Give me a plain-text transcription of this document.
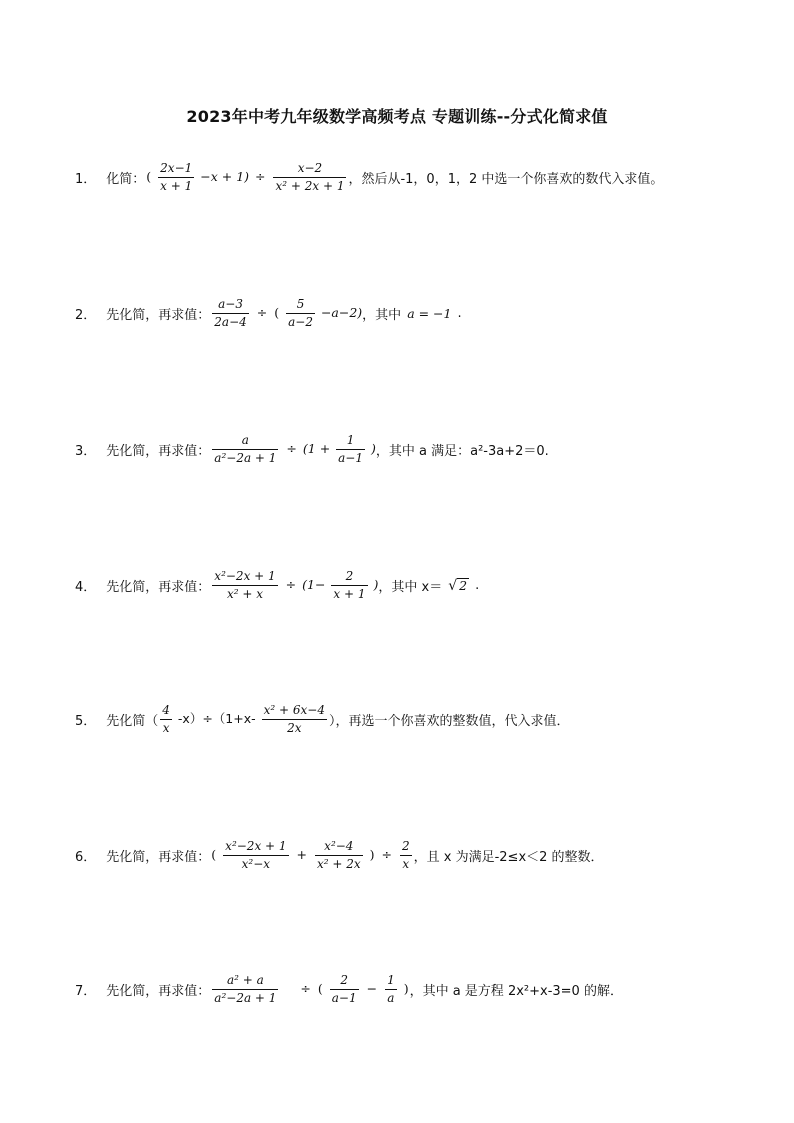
2023年中考九年级数学高频考点 专题训练--分式化简求值
1． 化简： ( $\frac{2x-1}{x + 1} -x + 1) \div \frac{x-2}{\text{x² + 2x + 1}}$ ，然后从-1，0，1，2 中选一个你喜欢的数代入求值。
2． 先化简，再求值： $\frac{a-3}{2a-4}$ ÷ ( $\frac{5}{a-2} -a-2$) ，其中 a = −1 .
3． 先化简，再求值： $\frac{a}{\text{a²−2a + 1}} \div (1 + \frac{1}{a-1}$ ) ，其中 a 满足：a²-3a+2＝0.
4． 先化简，再求值： $\frac{\text{x²−2x + 1}}{\text{x² + x}} \div (1- \frac{2}{x + 1}$ ) ，其中 x＝ √ 2 .
5． 先化简（ $\frac{4}{x} -x)\div(1+x- \frac{\text{x² + 6x−4}}{2x}$ ），再选一个你喜欢的整数值，代入求值．
6． 先化简，再求值： ( $\frac{\text{x²−2x + 1}}{\text{x²−x}} + \frac{\text{x²−4}}{\text{x² + 2x}}$ ) ÷ $\frac{2}{x}$ ，且 x 为满足-2≤x＜2 的整数．
7． 先化简，再求值： $\frac{\text{a² + a}}{\text{a²−2a + 1}}$ ÷ ( $\frac{2}{a-1} - \frac{1}{a}$ ) ，其中 a 是方程 2x²+x-3=0 的解．
